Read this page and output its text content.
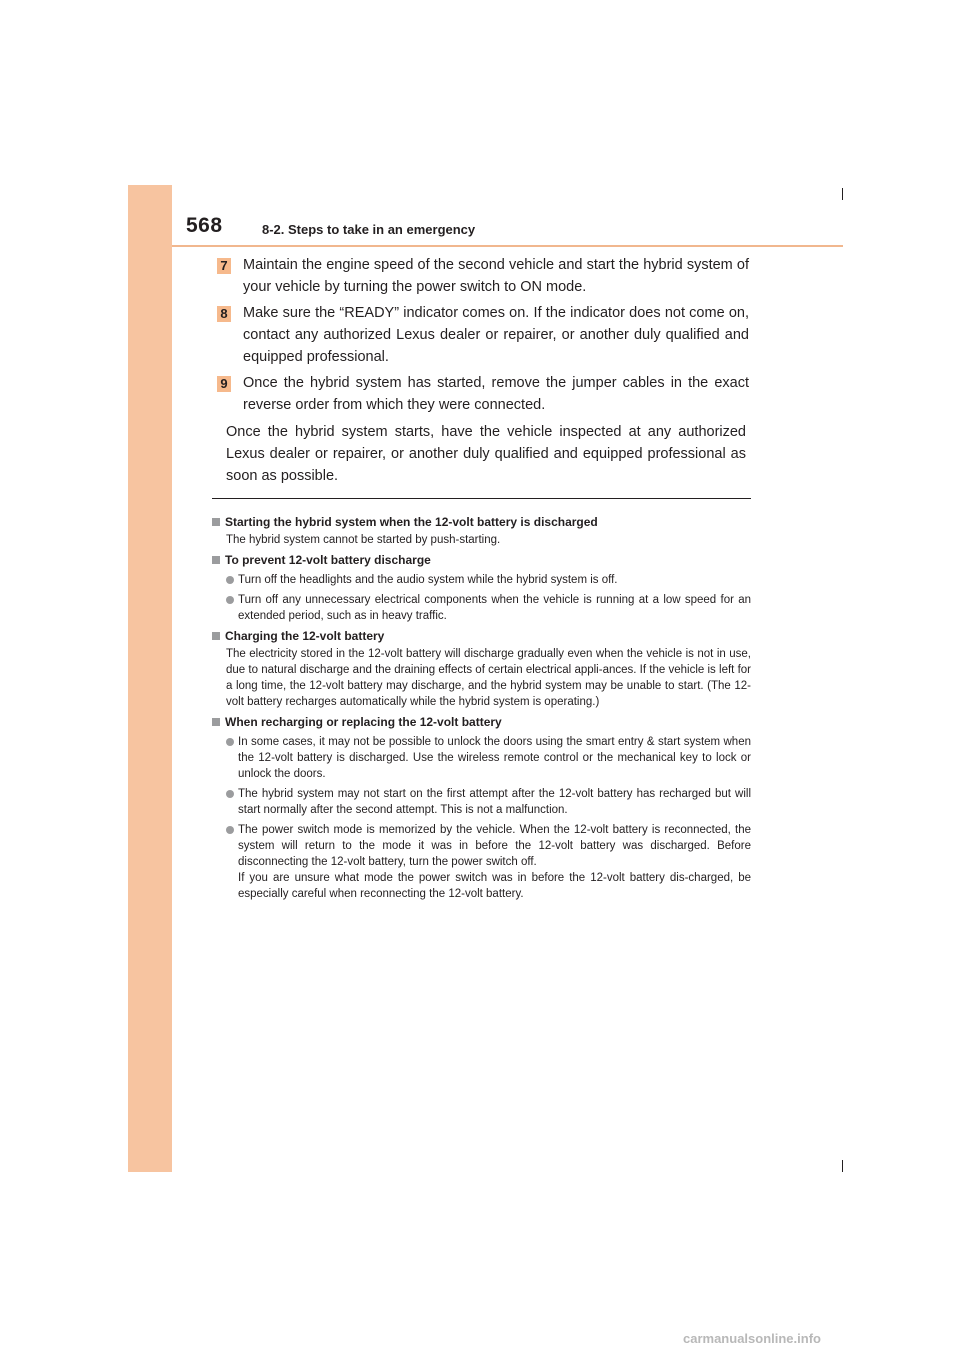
568	8-2. Steps to take in an emergency
7 Maintain the engine speed of the second vehicle and start the hybrid system of your vehicle by turning the power switch to ON mode.
8 Make sure the “READY” indicator comes on. If the indicator does not come on, contact any authorized Lexus dealer or repairer, or another duly qualified and equipped professional.
9 Once the hybrid system has started, remove the jumper cables in the exact reverse order from which they were connected.
Once the hybrid system starts, have the vehicle inspected at any authorized Lexus dealer or repairer, or another duly qualified and equipped professional as soon as possible.
Starting the hybrid system when the 12-volt battery is discharged
The hybrid system cannot be started by push-starting.
To prevent 12-volt battery discharge
Turn off the headlights and the audio system while the hybrid system is off.
Turn off any unnecessary electrical components when the vehicle is running at a low speed for an extended period, such as in heavy traffic.
Charging the 12-volt battery
The electricity stored in the 12-volt battery will discharge gradually even when the vehicle is not in use, due to natural discharge and the draining effects of certain electrical appli-ances. If the vehicle is left for a long time, the 12-volt battery may discharge, and the hybrid system may be unable to start. (The 12-volt battery recharges automatically while the hybrid system is operating.)
When recharging or replacing the 12-volt battery
In some cases, it may not be possible to unlock the doors using the smart entry & start system when the 12-volt battery is discharged. Use the wireless remote control or the mechanical key to lock or unlock the doors.
The hybrid system may not start on the first attempt after the 12-volt battery has recharged but will start normally after the second attempt. This is not a malfunction.
The power switch mode is memorized by the vehicle. When the 12-volt battery is reconnected, the system will return to the mode it was in before the 12-volt battery was discharged. Before disconnecting the 12-volt battery, turn the power switch off.
If you are unsure what mode the power switch was in before the 12-volt battery dis-charged, be especially careful when reconnecting the 12-volt battery.
carmanualsonline.info
